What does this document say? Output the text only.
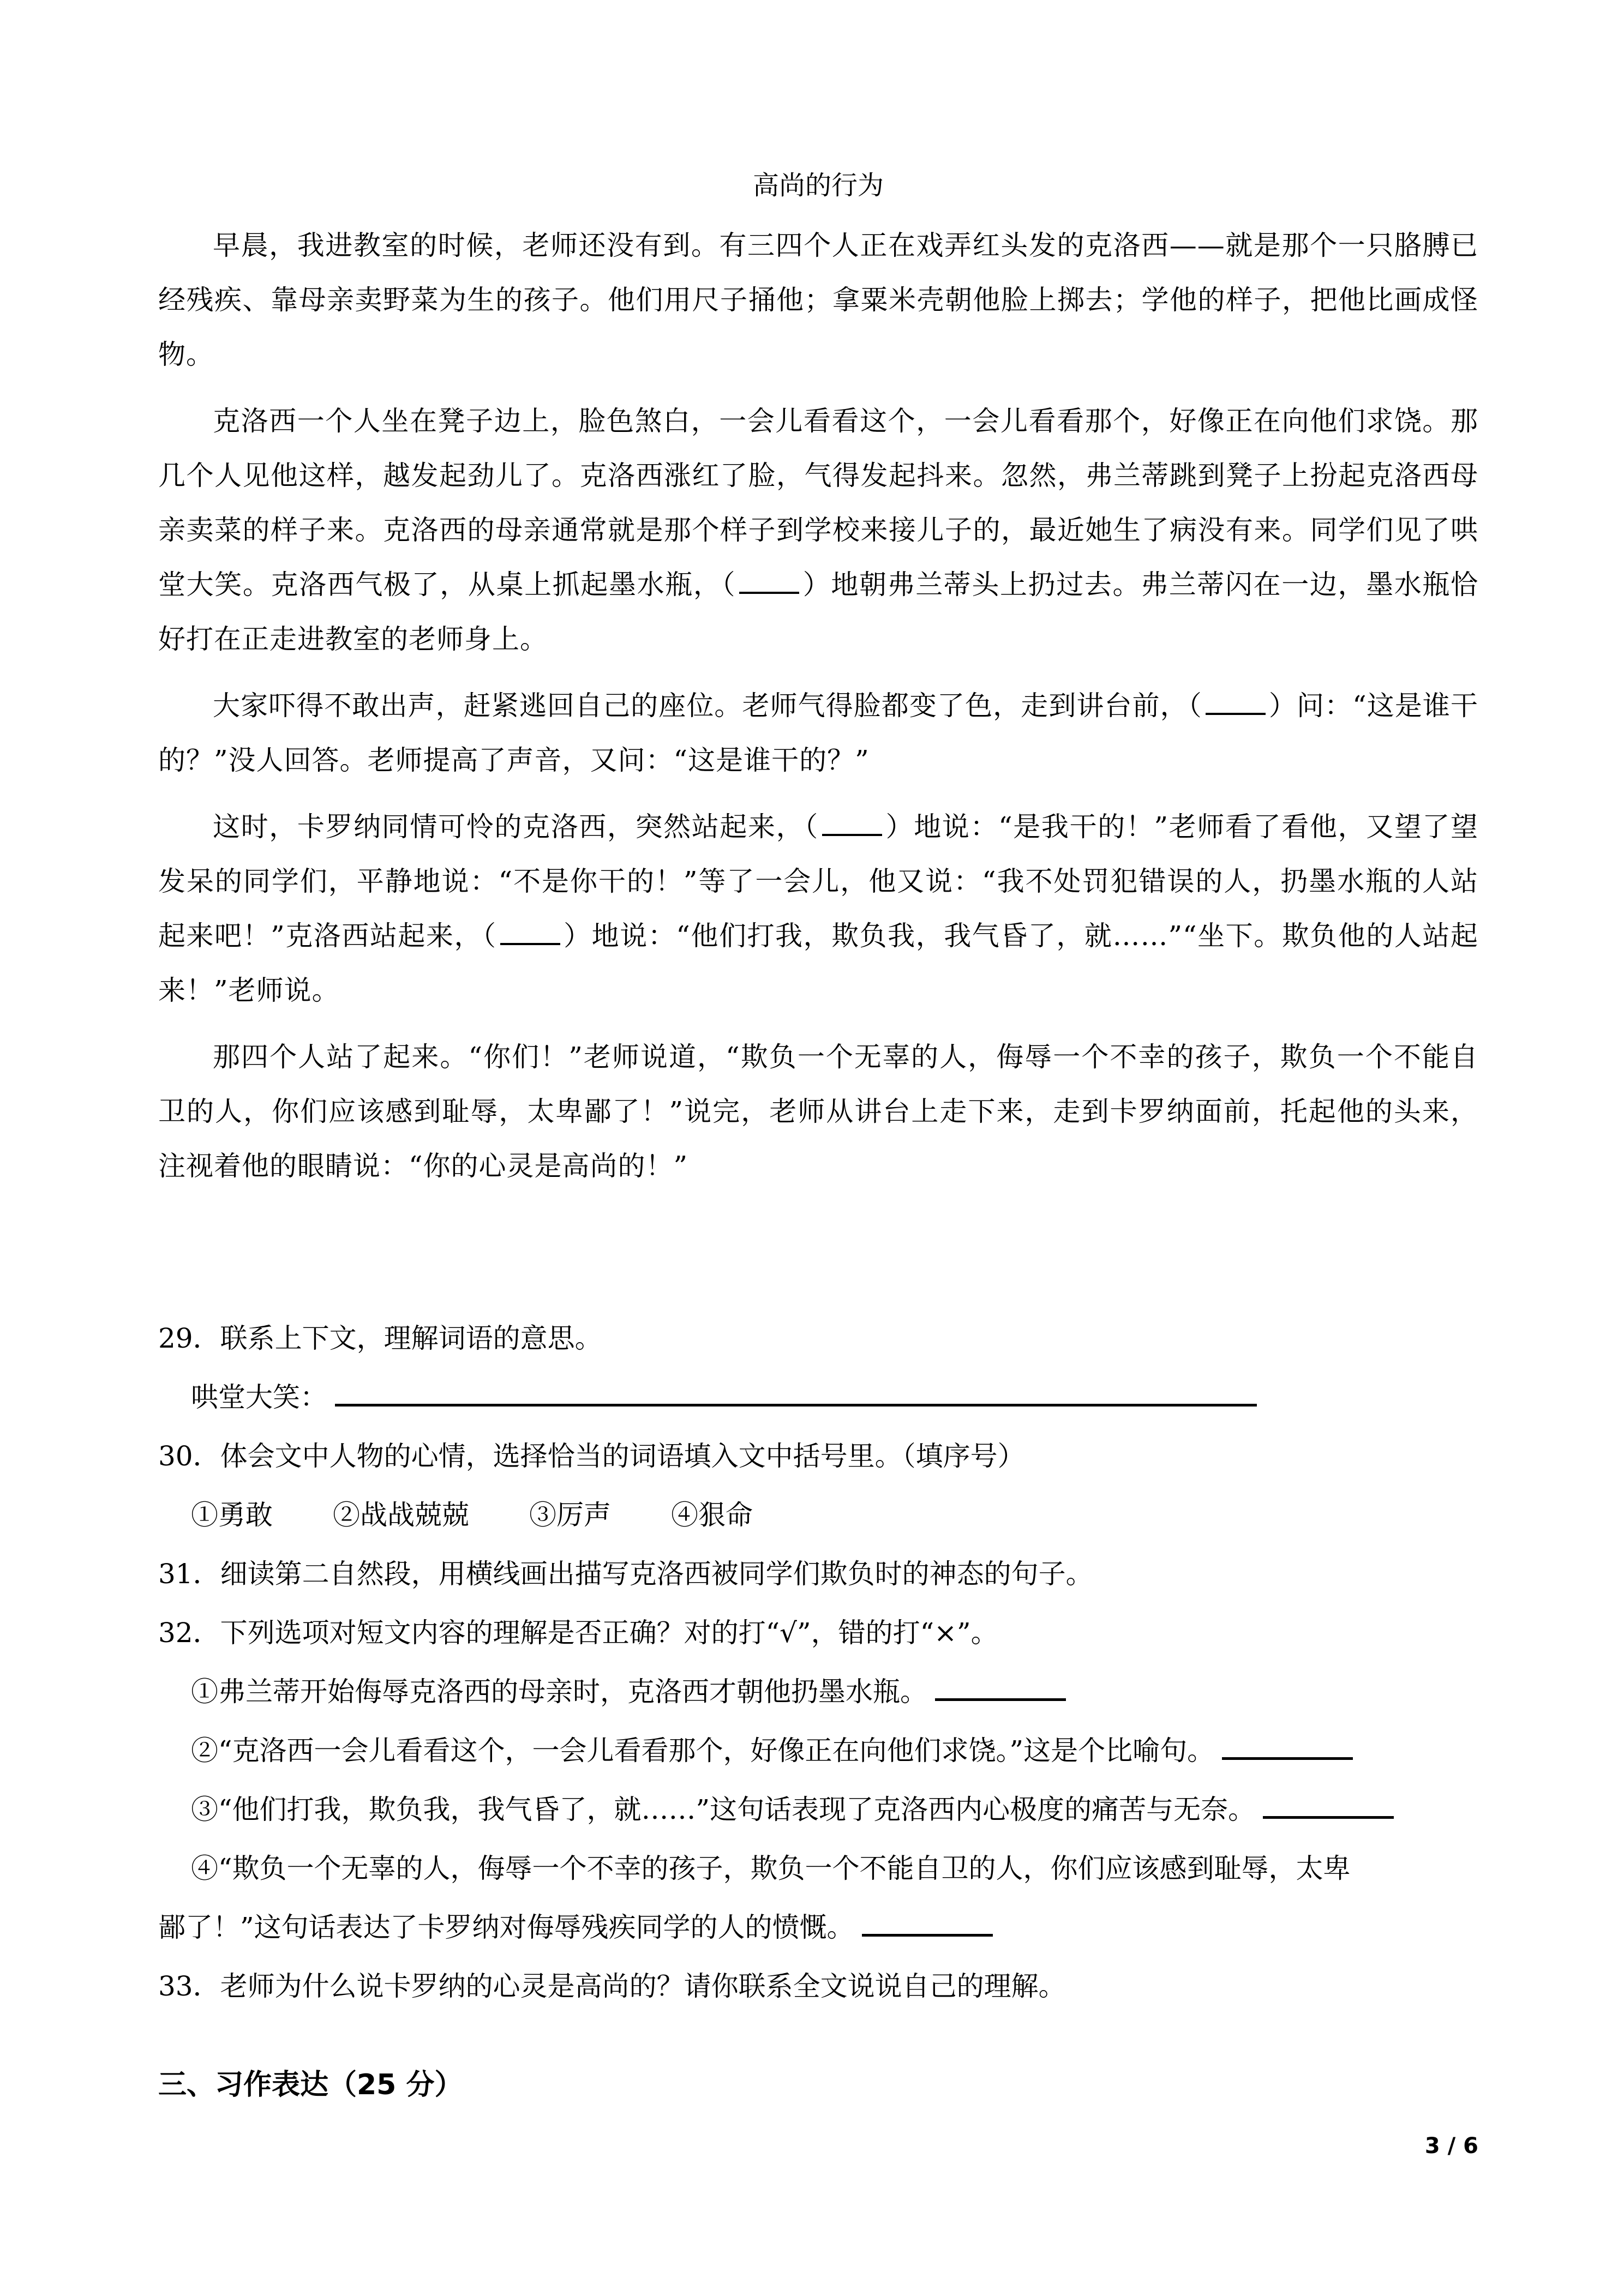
高尚的行为

早晨，我进教室的时候，老师还没有到。有三四个人正在戏弄红头发的克洛西——就是那个一只胳膊已经残疾、靠母亲卖野菜为生的孩子。他们用尺子捅他；拿粟米壳朝他脸上掷去；学他的样子，把他比画成怪物。

克洛西一个人坐在凳子边上，脸色煞白，一会儿看看这个，一会儿看看那个，好像正在向他们求饶。那几个人见他这样，越发起劲儿了。克洛西涨红了脸，气得发起抖来。忽然，弗兰蒂跳到凳子上扮起克洛西母亲卖菜的样子来。克洛西的母亲通常就是那个样子到学校来接儿子的，最近她生了病没有来。同学们见了哄堂大笑。克洛西气极了，从桌上抓起墨水瓶，（ ）地朝弗兰蒂头上扔过去。弗兰蒂闪在一边，墨水瓶恰好打在正走进教室的老师身上。

大家吓得不敢出声，赶紧逃回自己的座位。老师气得脸都变了色，走到讲台前，（ ）问：“这是谁干的？”没人回答。老师提高了声音，又问：“这是谁干的？”

这时，卡罗纳同情可怜的克洛西，突然站起来，（ ）地说：“是我干的！”老师看了看他，又望了望发呆的同学们，平静地说：“不是你干的！”等了一会儿，他又说：“我不处罚犯错误的人，扔墨水瓶的人站起来吧！”克洛西站起来，（ ）地说：“他们打我，欺负我，我气昏了，就……”“坐下。欺负他的人站起来！”老师说。

那四个人站了起来。“你们！”老师说道，“欺负一个无辜的人，侮辱一个不幸的孩子，欺负一个不能自卫的人，你们应该感到耻辱，太卑鄙了！”说完，老师从讲台上走下来，走到卡罗纳面前，托起他的头来，注视着他的眼睛说：“你的心灵是高尚的！”

29．联系上下文，理解词语的意思。

哄堂大笑：

30．体会文中人物的心情，选择恰当的词语填入文中括号里。（填序号）

①勇敢 ②战战兢兢 ③厉声 ④狠命

31．细读第二自然段，用横线画出描写克洛西被同学们欺负时的神态的句子。

32．下列选项对短文内容的理解是否正确？对的打“√”，错的打“×”。

①弗兰蒂开始侮辱克洛西的母亲时，克洛西才朝他扔墨水瓶。

②“克洛西一会儿看看这个，一会儿看看那个，好像正在向他们求饶。”这是个比喻句。

③“他们打我，欺负我，我气昏了，就……”这句话表现了克洛西内心极度的痛苦与无奈。

④“欺负一个无辜的人，侮辱一个不幸的孩子，欺负一个不能自卫的人，你们应该感到耻辱，太卑

鄙了！”这句话表达了卡罗纳对侮辱残疾同学的人的愤慨。

33．老师为什么说卡罗纳的心灵是高尚的？请你联系全文说说自己的理解。

三、习作表达（25 分）
3 / 6
